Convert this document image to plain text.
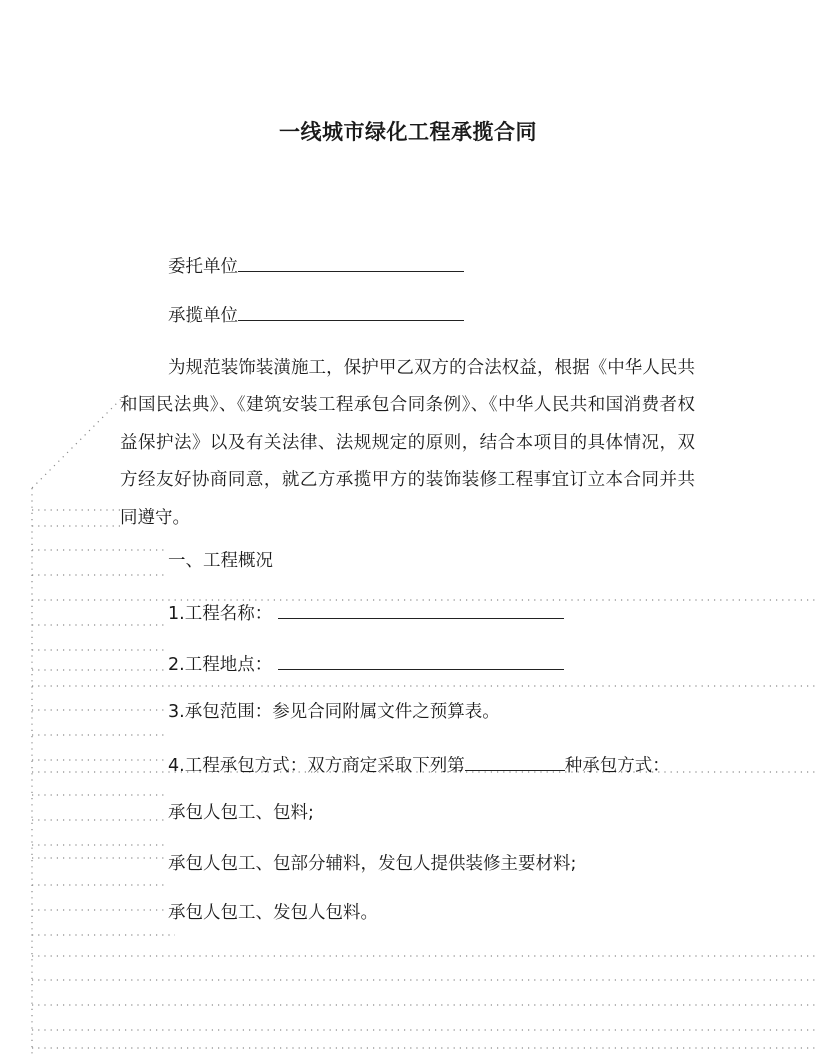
一线城市绿化工程承揽合同
委托单位
承揽单位

为规范装饰装潢施工，保护甲乙双方的合法权益，根据《中华人民共和国民法典》、《建筑安装工程承包合同条例》、《中华人民共和国消费者权益保护法》以及有关法律、法规规定的原则，结合本项目的具体情况，双方经友好协商同意，就乙方承揽甲方的装饰装修工程事宜订立本合同并共同遵守。

一、工程概况
1.工程名称：
2.工程地点：
3.承包范围：参见合同附属文件之预算表。
4.工程承包方式：双方商定采取下列第	种承包方式：
承包人包工、包料;
承包人包工、包部分辅料，发包人提供装修主要材料;
承包人包工、发包人包料。
